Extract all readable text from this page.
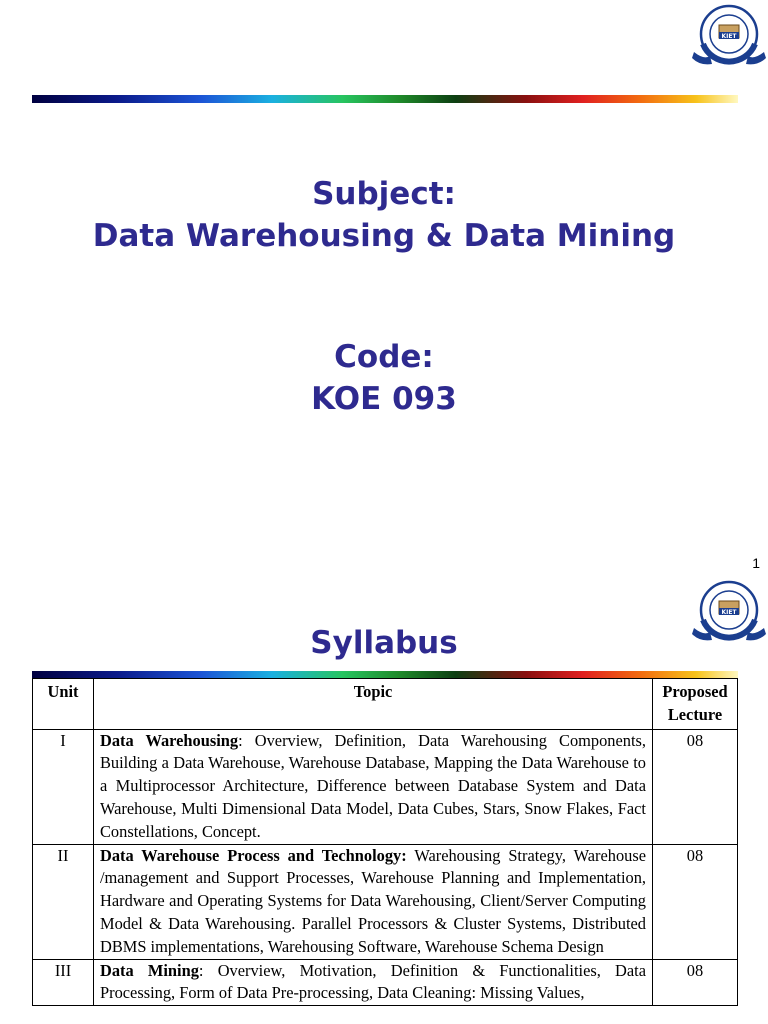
KIET
Subject:
Data Warehousing & Data Mining
Code:
KOE 093
1
KIET
Syllabus
Unit	Topic	Proposed Lecture
I	Data Warehousing: Overview, Definition, Data Warehousing Components, Building a Data Warehouse, Warehouse Database, Mapping the Data Warehouse to a Multiprocessor Architecture, Difference between Database System and Data Warehouse, Multi Dimensional Data Model, Data Cubes, Stars, Snow Flakes, Fact Constellations, Concept.	08
II	Data Warehouse Process and Technology: Warehousing Strategy, Warehouse /management and Support Processes, Warehouse Planning and Implementation, Hardware and Operating Systems for Data Warehousing, Client/Server Computing Model & Data Warehousing. Parallel Processors & Cluster Systems, Distributed DBMS implementations, Warehousing Software, Warehouse Schema Design	08
III	Data Mining: Overview, Motivation, Definition & Functionalities, Data Processing, Form of Data Pre-processing, Data Cleaning: Missing Values,	08
